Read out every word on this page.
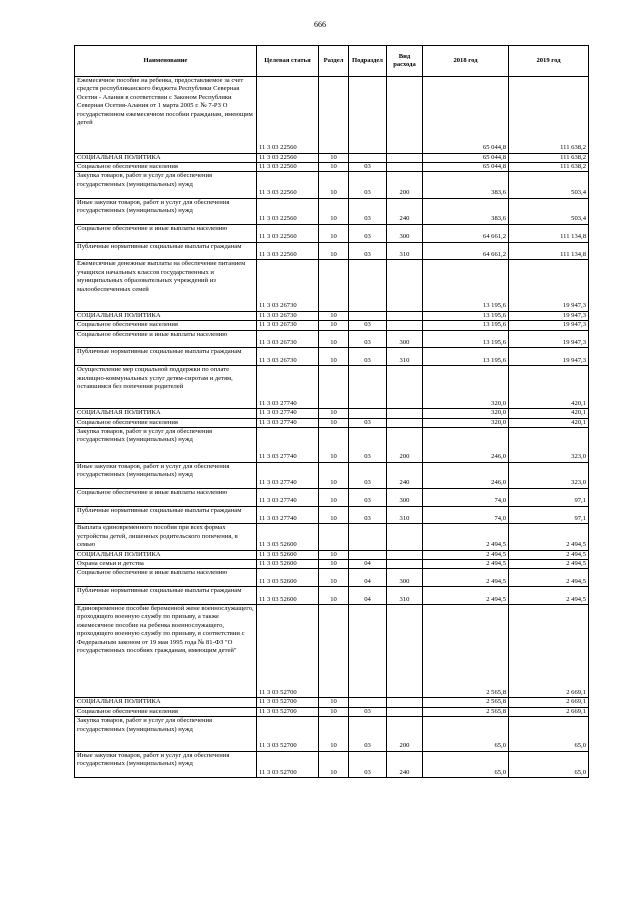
666
Наименование	Целевая статья	Раздел	Подраздел	Вид расхода	2018 год	2019 год
Ежемесячное пособие на ребенка, предоставляемое за счет средств республиканского бюджета Республики Северная Осетия - Алания в соответствии с Законом Республики Северная Осетия-Алания от 1 марта 2005 г. № 7-РЗ О государственном ежемесячном пособии гражданам, имеющим детей	11 3 03 22560				65 044,8	111 638,2
СОЦИАЛЬНАЯ ПОЛИТИКА	11 3 03 22560	10			65 044,8	111 638,2
Социальное обеспечение населения	11 3 03 22560	10	03		65 044,8	111 638,2
Закупка товаров, работ и услуг для обеспечения государственных (муниципальных) нужд	11 3 03 22560	10	03	200	383,6	503,4
Иные закупки товаров, работ и услуг для обеспечения государственных (муниципальных) нужд	11 3 03 22560	10	03	240	383,6	503,4
Социальное обеспечение и иные выплаты населению	11 3 03 22560	10	03	300	64 661,2	111 134,8
Публичные нормативные социальные выплаты гражданам	11 3 03 22560	10	03	310	64 661,2	111 134,8
Ежемесячные денежные выплаты на обеспечение питанием учащихся начальных классов государственных и муниципальных образовательных учреждений из малообеспеченных семей	11 3 03 26730				13 195,6	19 947,3
СОЦИАЛЬНАЯ ПОЛИТИКА	11 3 03 26730	10			13 195,6	19 947,3
Социальное обеспечение населения	11 3 03 26730	10	03		13 195,6	19 947,3
Социальное обеспечение и иные выплаты населению	11 3 03 26730	10	03	300	13 195,6	19 947,3
Публичные нормативные социальные выплаты гражданам	11 3 03 26730	10	03	310	13 195,6	19 947,3
Осуществление мер социальной поддержки по оплате жилищно-коммунальных услуг детям-сиротам и детям, оставшимся без попечения родителей	11 3 03 27740				320,0	420,1
СОЦИАЛЬНАЯ ПОЛИТИКА	11 3 03 27740	10			320,0	420,1
Социальное обеспечение населения	11 3 03 27740	10	03		320,0	420,1
Закупка товаров, работ и услуг для обеспечения государственных (муниципальных) нужд	11 3 03 27740	10	03	200	246,0	323,0
Иные закупки товаров, работ и услуг для обеспечения государственных (муниципальных) нужд	11 3 03 27740	10	03	240	246,0	323,0
Социальное обеспечение и иные выплаты населению	11 3 03 27740	10	03	300	74,0	97,1
Публичные нормативные социальные выплаты гражданам	11 3 03 27740	10	03	310	74,0	97,1
Выплата единовременного пособия при всех формах устройства детей, лишенных родительского попечения, в семью	11 3 03 52600				2 494,5	2 494,5
СОЦИАЛЬНАЯ ПОЛИТИКА	11 3 03 52600	10			2 494,5	2 494,5
Охрана семьи и детства	11 3 03 52600	10	04		2 494,5	2 494,5
Социальное обеспечение и иные выплаты населению	11 3 03 52600	10	04	300	2 494,5	2 494,5
Публичные нормативные социальные выплаты гражданам	11 3 03 52600	10	04	310	2 494,5	2 494,5
Единовременное пособие беременной жене военнослужащего, проходящего военную службу по призыву, а также ежемесячное пособие на ребенка военнослужащего, проходящего военную службу по призыву, в соответствии с Федеральным законом от 19 мая 1995 года № 81-ФЗ "О государственных пособиях гражданам, имеющим детей"	11 3 03 52700				2 565,8	2 669,1
СОЦИАЛЬНАЯ ПОЛИТИКА	11 3 03 52700	10			2 565,8	2 669,1
Социальное обеспечение населения	11 3 03 52700	10	03		2 565,8	2 669,1
Закупка товаров, работ и услуг для обеспечения государственных (муниципальных) нужд	11 3 03 52700	10	03	200	65,0	65,0
Иные закупки товаров, работ и услуг для обеспечения государственных (муниципальных) нужд	11 3 03 52700	10	03	240	65,0	65,0
